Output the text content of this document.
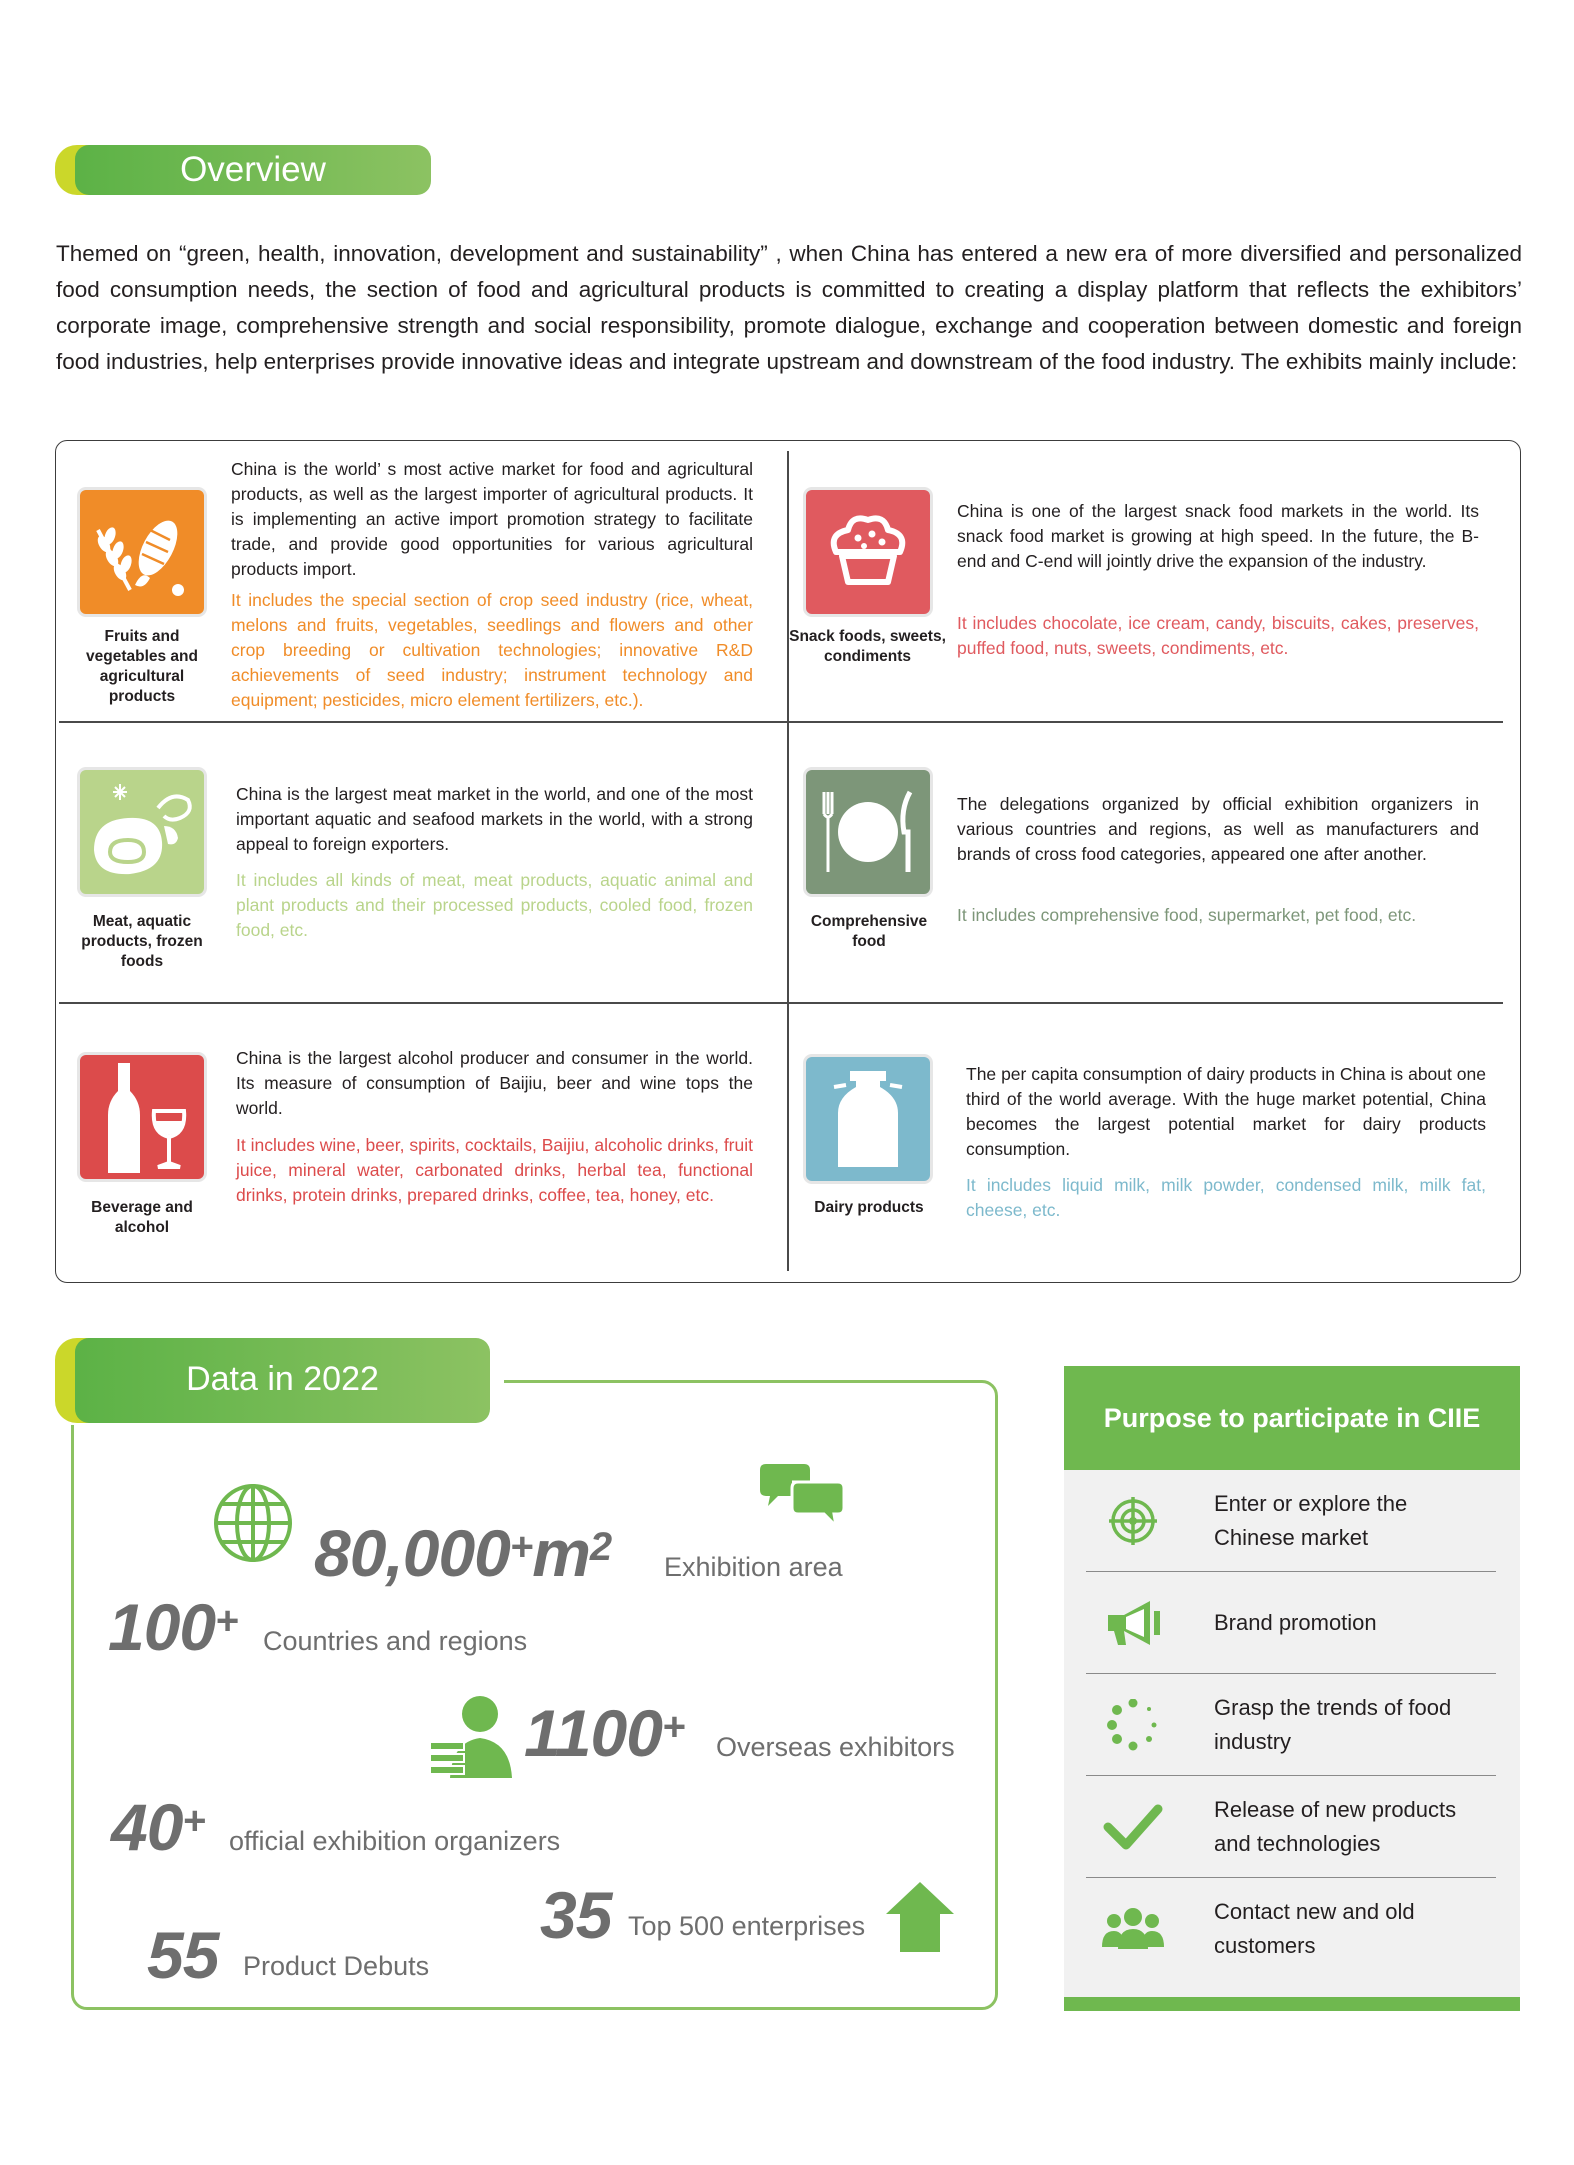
Overview

Themed on “green, health, innovation, development and sustainability” , when China has entered a new era of more diversified and personalized food consumption needs, the section of food and agricultural products is committed to creating a display platform that reflects the exhibitors’ corporate image, comprehensive strength and social responsibility, promote dialogue, exchange and cooperation between domestic and foreign food industries, help enterprises provide innovative ideas and integrate upstream and downstream of the food industry. The exhibits mainly include:

Fruits and vegetables and agricultural products
China is the world’ s most active market for food and agricultural products, as well as the largest importer of agricultural products. It is implementing an active import promotion strategy to facilitate trade, and provide good opportunities for various agricultural products import.
It includes the special section of crop seed industry (rice, wheat, melons and fruits, vegetables, seedlings and flowers and other crop breeding or cultivation technologies; innovative R&D achievements of seed industry; instrument technology and equipment; pesticides, micro element fertilizers, etc.).
Snack foods, sweets, condiments
China is one of the largest snack food markets in the world. Its snack food market is growing at high speed. In the future, the B-end and C-end will jointly drive the expansion of the industry.
It includes chocolate, ice cream, candy, biscuits, cakes, preserves, puffed food, nuts, sweets, condiments, etc.
Meat, aquatic products, frozen foods
China is the largest meat market in the world, and one of the most important aquatic and seafood markets in the world, with a strong appeal to foreign exporters.
It includes all kinds of meat, meat products, aquatic animal and plant products and their processed products, cooled food, frozen food, etc.	Comprehensive food
The delegations organized by official exhibition organizers in various countries and regions, as well as manufacturers and brands of cross food categories, appeared one after another.
It includes comprehensive food, supermarket, pet food, etc.
Beverage and alcohol
China is the largest alcohol producer and consumer in the world. Its measure of consumption of Baijiu, beer and wine tops the world.
It includes wine, beer, spirits, cocktails, Baijiu, alcoholic drinks, fruit juice, mineral water, carbonated drinks, herbal tea, functional drinks, protein drinks, prepared drinks, coffee, tea, honey, etc.
Dairy products
The per capita consumption of dairy products in China is about one third of the world average. With the huge market potential, China becomes the largest potential market for dairy products consumption.
It includes liquid milk, milk powder, condensed milk, milk fat, cheese, etc.
Data in 2022
$80,000^+m^2$ Exhibition area
100+ Countries and regions
1100+ Overseas exhibitors
40+ official exhibition organizers
35 Top 500 enterprises
55 Product Debuts
Purpose to participate in CIIE
Enter or explore the Chinese market
Brand promotion
Grasp the trends of food industry
Release of new products and technologies
Contact new and old customers
